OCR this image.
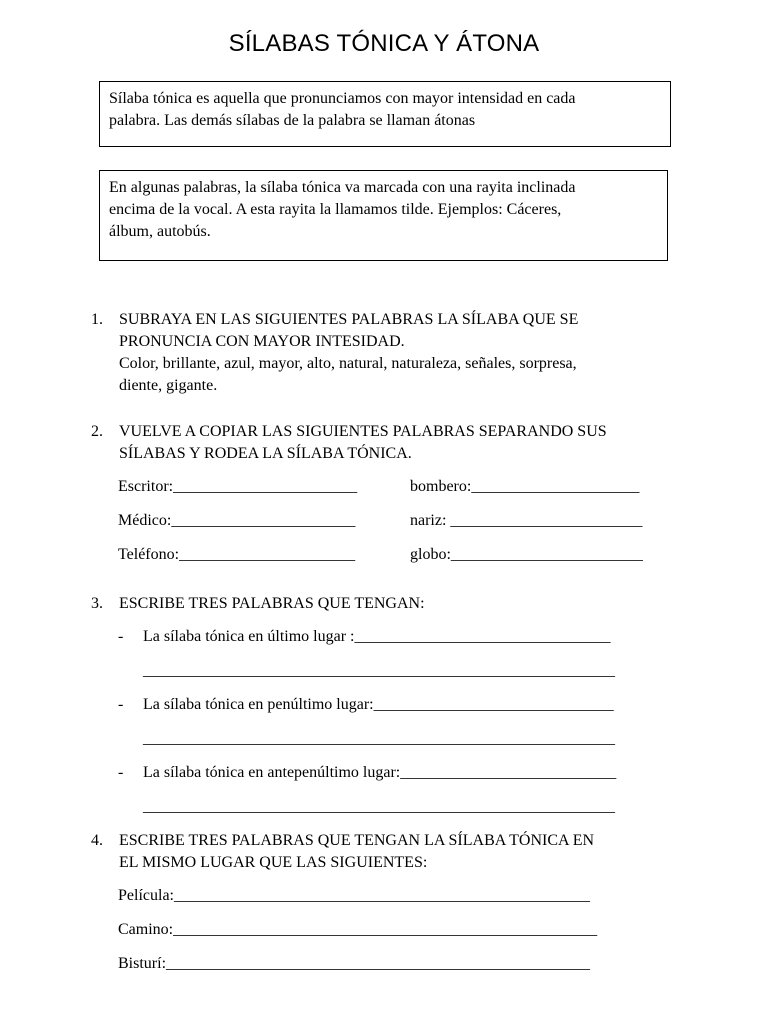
SÍLABAS TÓNICA Y ÁTONA
Sílaba tónica es aquella que pronunciamos con mayor intensidad en cada
palabra. Las demás sílabas de la palabra se llaman átonas
En algunas palabras, la sílaba tónica va marcada con una rayita inclinada
encima de la vocal. A esta rayita la llamamos tilde. Ejemplos: Cáceres,
álbum, autobús.
1.	SUBRAYA EN LAS SIGUIENTES PALABRAS LA SÍLABA QUE SE
PRONUNCIA CON MAYOR INTESIDAD.
Color, brillante, azul, mayor, alto, natural, naturaleza, señales, sorpresa,
diente, gigante.
2.	VUELVE A COPIAR LAS SIGUIENTES PALABRAS SEPARANDO SUS
SÍLABAS Y RODEA LA SÍLABA TÓNICA.
Escritor:_______________________	bombero:_____________________
Médico:_______________________	nariz: ________________________
Teléfono:______________________	globo:________________________
3.	ESCRIBE TRES PALABRAS QUE TENGAN:
- La sílaba tónica en último lugar :________________________________
___________________________________________________________
- La sílaba tónica en penúltimo lugar:______________________________
___________________________________________________________
- La sílaba tónica en antepenúltimo lugar:___________________________
___________________________________________________________
4.	ESCRIBE TRES PALABRAS QUE TENGAN LA SÍLABA TÓNICA EN
EL MISMO LUGAR QUE LAS SIGUIENTES:
Película:____________________________________________________
Camino:_____________________________________________________
Bisturí:_____________________________________________________
